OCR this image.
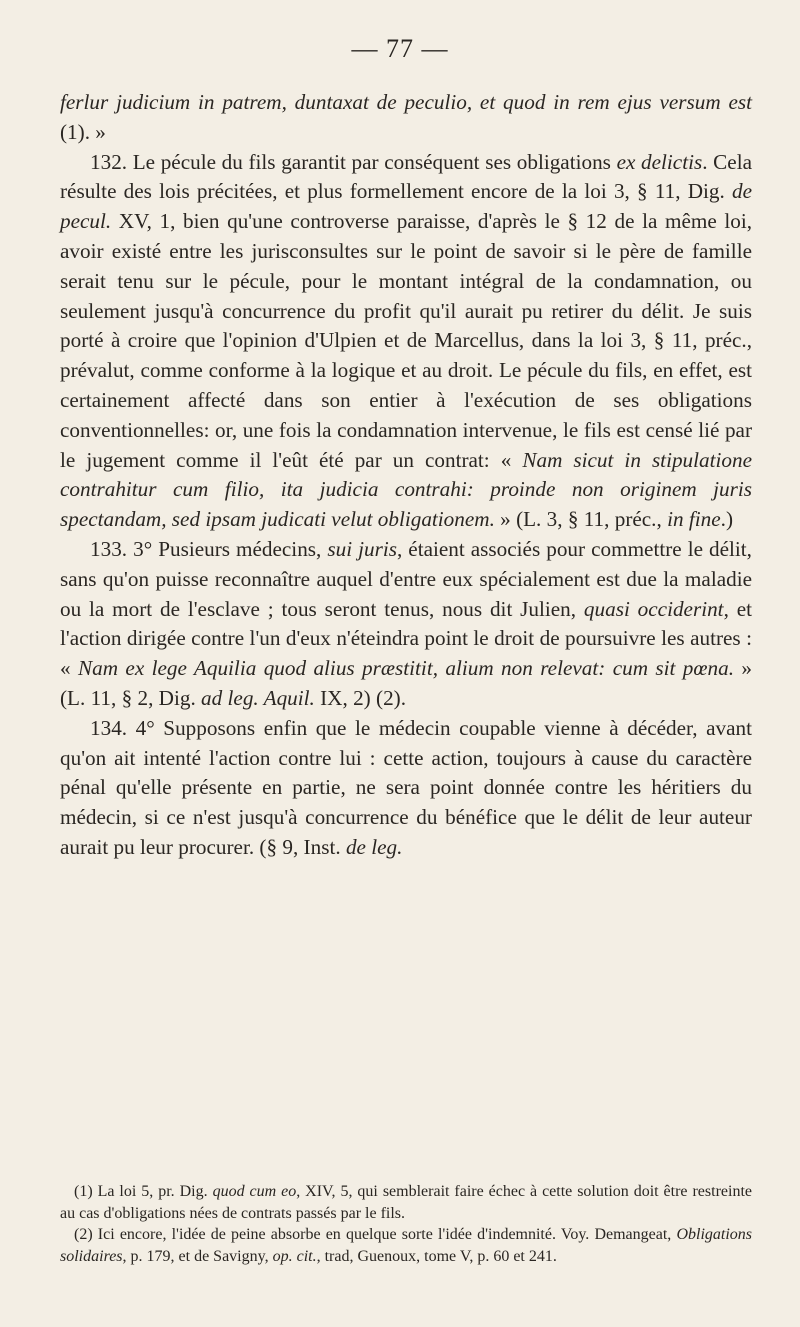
— 77 —

ferlur judicium in patrem, duntaxat de peculio, et quod in rem ejus versum est (1). »

132. Le pécule du fils garantit par conséquent ses obligations ex delictis. Cela résulte des lois précitées, et plus formellement encore de la loi 3, § 11, Dig. de pecul. XV, 1, bien qu'une controverse paraisse, d'après le § 12 de la même loi, avoir existé entre les jurisconsultes sur le point de savoir si le père de famille serait tenu sur le pécule, pour le montant intégral de la condamnation, ou seulement jusqu'à concurrence du profit qu'il aurait pu retirer du délit. Je suis porté à croire que l'opinion d'Ulpien et de Marcellus, dans la loi 3, § 11, préc., prévalut, comme conforme à la logique et au droit. Le pécule du fils, en effet, est certainement affecté dans son entier à l'exécution de ses obligations conventionnelles: or, une fois la condamnation intervenue, le fils est censé lié par le jugement comme il l'eût été par un contrat: « Nam sicut in stipulatione contrahitur cum filio, ita judicia contrahi: proinde non originem juris spectandam, sed ipsam judicati velut obligationem. » (L. 3, § 11, préc., in fine.)

133. 3° Pusieurs médecins, sui juris, étaient associés pour commettre le délit, sans qu'on puisse reconnaître auquel d'entre eux spécialement est due la maladie ou la mort de l'esclave ; tous seront tenus, nous dit Julien, quasi occiderint, et l'action dirigée contre l'un d'eux n'éteindra point le droit de poursuivre les autres : « Nam ex lege Aquilia quod alius præstitit, alium non relevat: cum sit pœna. » (L. 11, § 2, Dig. ad leg. Aquil. IX, 2) (2).

134. 4° Supposons enfin que le médecin coupable vienne à décéder, avant qu'on ait intenté l'action contre lui : cette action, toujours à cause du caractère pénal qu'elle présente en partie, ne sera point donnée contre les héritiers du médecin, si ce n'est jusqu'à concurrence du bénéfice que le délit de leur auteur aurait pu leur procurer. (§ 9, Inst. de leg.

(1) La loi 5, pr. Dig. quod cum eo, XIV, 5, qui semblerait faire échec à cette solution doit être restreinte au cas d'obligations nées de contrats passés par le fils.

(2) Ici encore, l'idée de peine absorbe en quelque sorte l'idée d'indemnité. Voy. Demangeat, Obligations solidaires, p. 179, et de Savigny, op. cit., trad, Guenoux, tome V, p. 60 et 241.
